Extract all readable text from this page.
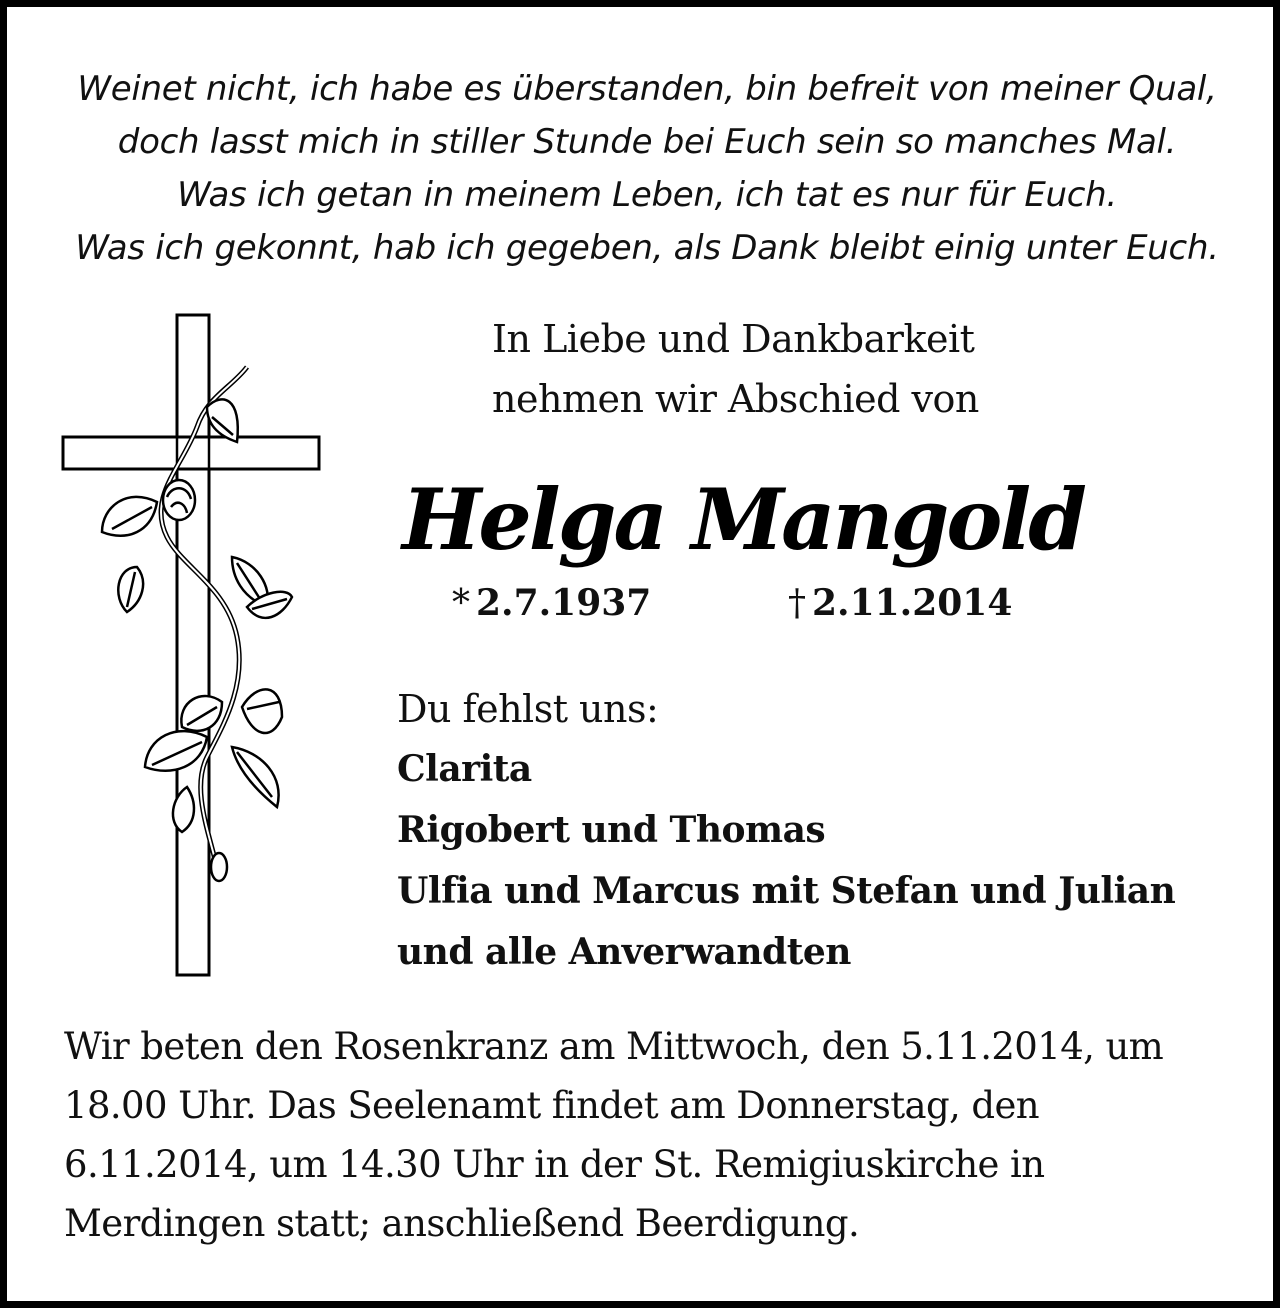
Weinet nicht, ich habe es überstanden, bin befreit von meiner Qual,
doch lasst mich in stiller Stunde bei Euch sein so manches Mal.
Was ich getan in meinem Leben, ich tat es nur für Euch.
Was ich gekonnt, hab ich gegeben, als Dank bleibt einig unter Euch.
In Liebe und Dankbarkeit
nehmen wir Abschied von
Helga Mangold
* 2.7.1937	† 2.11.2014
Du fehlst uns:
Clarita
Rigobert und Thomas
Ulfia und Marcus mit Stefan und Julian
und alle Anverwandten
Wir beten den Rosenkranz am Mittwoch, den 5.11.2014, um
18.00 Uhr. Das Seelenamt findet am Donnerstag, den
6.11.2014, um 14.30 Uhr in der St. Remigiuskirche in
Merdingen statt; anschließend Beerdigung.
